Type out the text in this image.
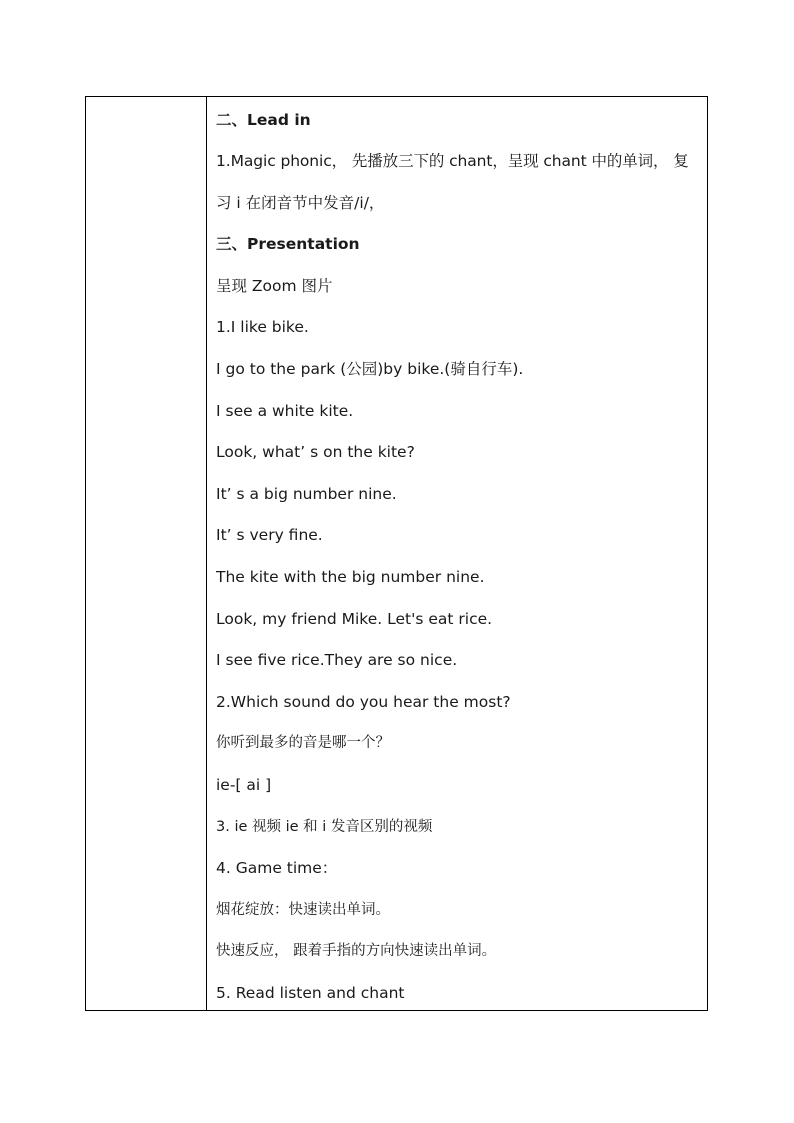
二、Lead in
1.Magic phonic， 先播放三下的 chant，呈现 chant 中的单词， 复
习 i 在闭音节中发音/i/，
三、Presentation
呈现 Zoom 图片
1.I like bike.
I go to the park (公园)by bike.(骑自行车).
I see a white kite.
Look, what’ s on the kite?
It’ s a big number nine.
It’ s very fine.
The kite with the big number nine.
Look, my friend Mike. Let's eat rice.
I see five rice.They are so nice.
2.Which sound do you hear the most?
你听到最多的音是哪一个？
ie-[ ai ]
3. ie 视频 ie 和 i 发音区别的视频
4. Game time：
烟花绽放：快速读出单词。
快速反应， 跟着手指的方向快速读出单词。
5. Read listen and chant
